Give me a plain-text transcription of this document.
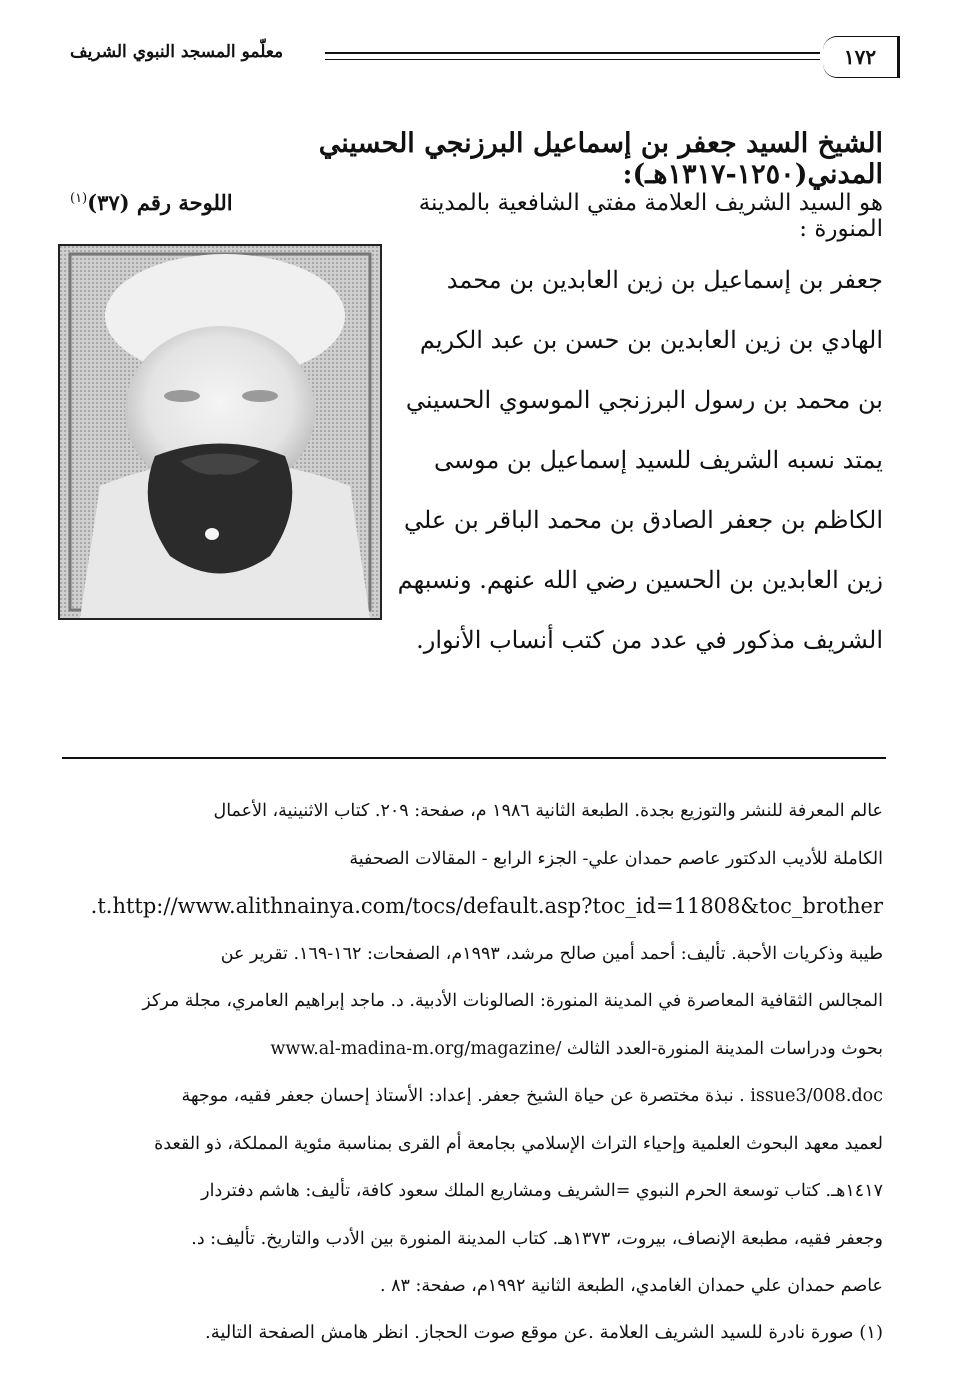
١٧٢
معلّمو المسجد النبوي الشريف
الشيخ السيد جعفر بن إسماعيل البرزنجي الحسيني المدني(١٢٥٠-١٣١٧هـ):
هو السيد الشريف العلامة مفتي الشافعية بالمدينة المنورة :
اللوحة رقم (٣٧)$^{(١)}$
جعفر بن إسماعيل بن زين العابدين بن محمد
الهادي بن زين العابدين بن حسن بن عبد الكريم
بن محمد بن رسول البرزنجي الموسوي الحسيني
يمتد نسبه الشريف للسيد إسماعيل بن موسى
الكاظم بن جعفر الصادق بن محمد الباقر بن علي
زين العابدين بن الحسين رضي الله عنهم. ونسبهم
الشريف مذكور في عدد من كتب أنساب الأنوار.
عالم المعرفة للنشر والتوزيع بجدة. الطبعة الثانية ١٩٨٦ م، صفحة: ٢٠٩. كتاب الاثنينية، الأعمال
الكاملة للأديب الدكتور عاصم حمدان علي- الجزء الرابع - المقالات الصحفية
.t.http://www.alithnainya.com/tocs/default.asp?toc_id=11808&toc_brother
طيبة وذكريات الأحبة. تأليف: أحمد أمين صالح مرشد، ١٩٩٣م، الصفحات: ١٦٢-١٦٩. تقرير عن
المجالس الثقافية المعاصرة في المدينة المنورة: الصالونات الأدبية. د. ماجد إبراهيم العامري، مجلة مركز
بحوث ودراسات المدينة المنورة-العدد الثالث /www.al-madina-m.org/magazine
issue3/008.doc . نبذة مختصرة عن حياة الشيخ جعفر. إعداد: الأستاذ إحسان جعفر فقيه، موجهة
لعميد معهد البحوث العلمية وإحياء التراث الإسلامي بجامعة أم القرى بمناسبة مئوية المملكة، ذو القعدة
١٤١٧هـ. كتاب توسعة الحرم النبوي =الشريف ومشاريع الملك سعود كافة، تأليف: هاشم دفتردار
وجعفر فقيه، مطبعة الإنصاف، بيروت، ١٣٧٣هـ. كتاب المدينة المنورة بين الأدب والتاريخ. تأليف: د.
عاصم حمدان علي حمدان الغامدي، الطبعة الثانية ١٩٩٢م، صفحة: ٨٣ .
(١) صورة نادرة للسيد الشريف العلامة .عن موقع صوت الحجاز. انظر هامش الصفحة التالية.
